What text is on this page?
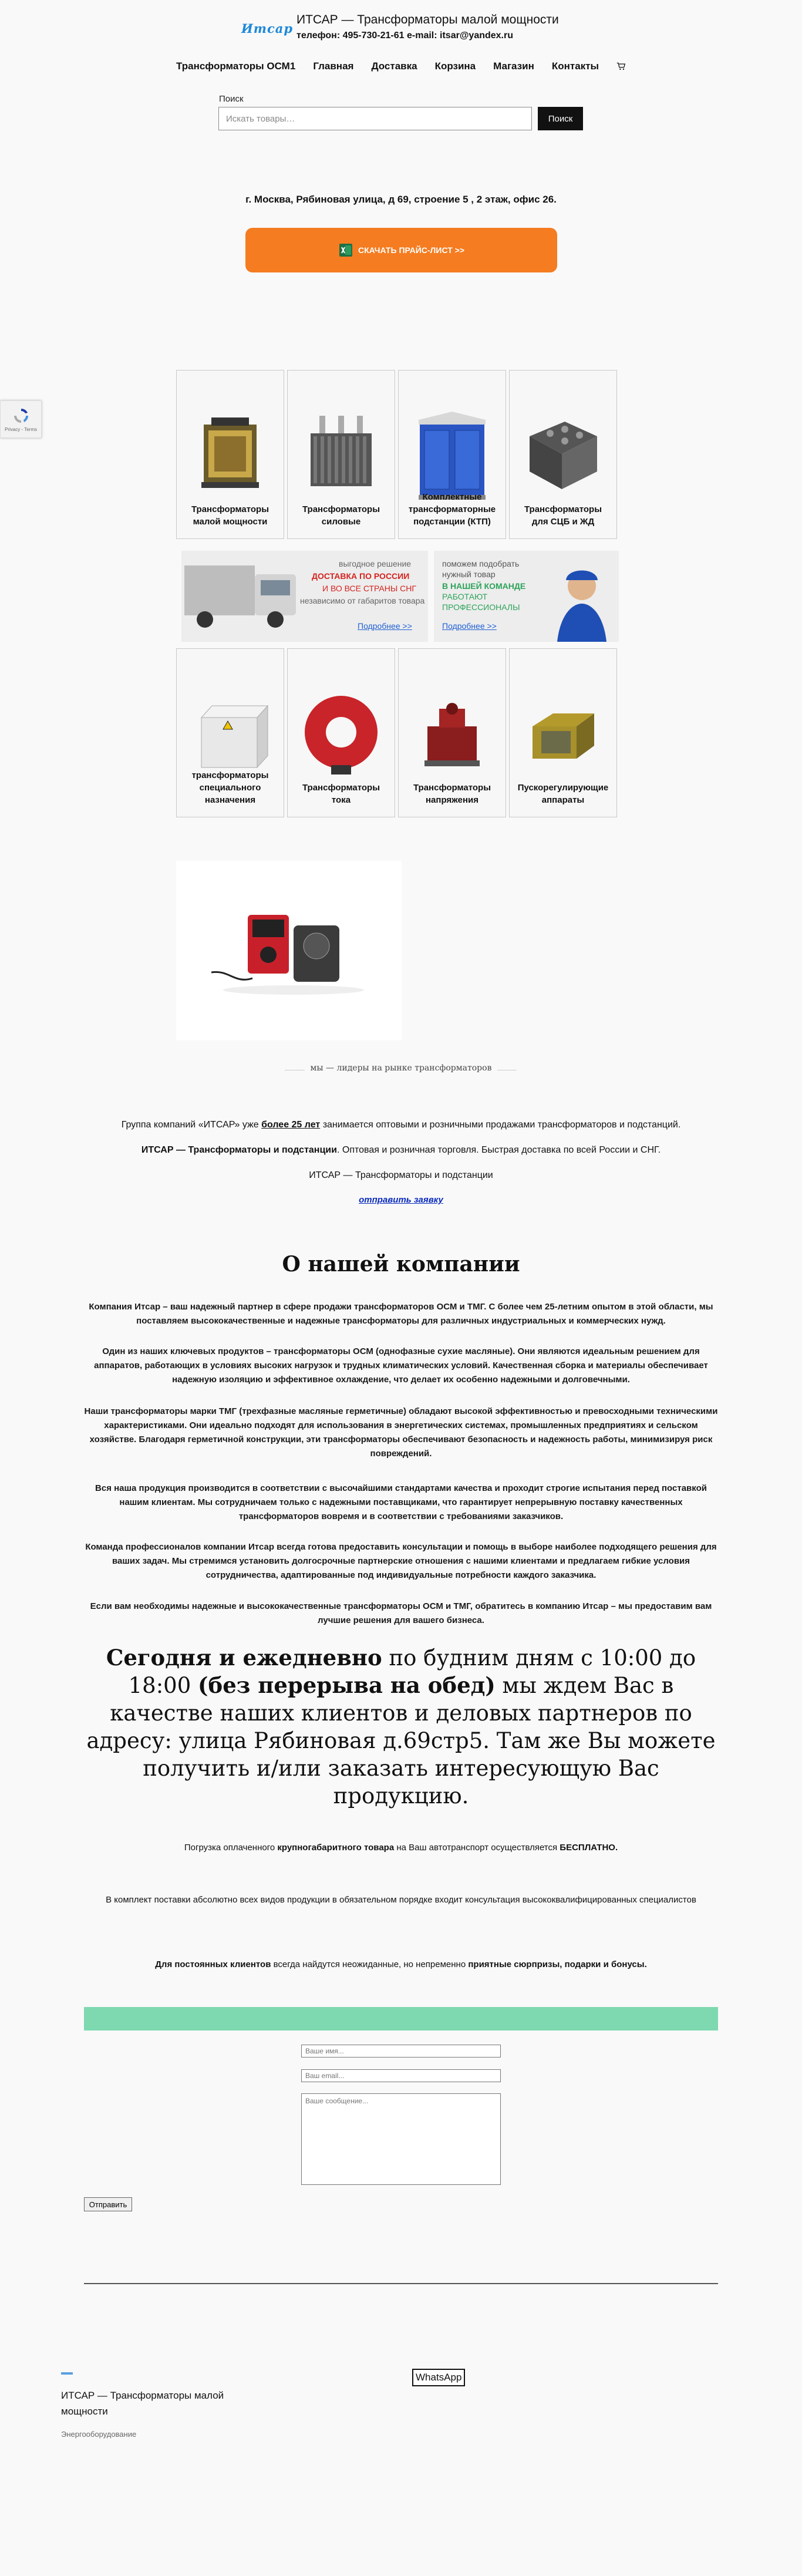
Итсар
ИТСАР — Трансформаторы малой мощности
телефон: 495-730-21-61 e-mail: itsar@yandex.ru
Трансформаторы ОСМ1 Главная Доставка Корзина Магазин Контакты
Поиск
Искать товары…
Поиск
Privacy - Terms
г. Москва, Рябиновая улица, д 69, строение 5 , 2 этаж, офис 26.
СКАЧАТЬ ПРАЙС-ЛИСТ >>
Трансформаторы малой мощности
Трансформаторы силовые
Комплектные трансформаторные подстанции (КТП)
Трансформаторы для СЦБ и ЖД
выгодное решение
ДОСТАВКА ПО РОССИИ
И ВО ВСЕ СТРАНЫ СНГ
независимо от габаритов товара
Подробнее >>
поможем подобрать
нужный товар
В НАШЕЙ КОМАНДЕ
РАБОТАЮТ
ПРОФЕССИОНАЛЫ
Подробнее >>
трансформаторы специального назначения
Трансформаторы тока
Трансформаторы напряжения
Пускорегулирующие аппараты
мы — лидеры на рынке трансформаторов

Группа компаний «ИТСАР» уже более 25 лет занимается оптовыми и розничными продажами трансформаторов и подстанций.

ИТСАР — Трансформаторы и подстанции. Оптовая и розничная торговля. Быстрая доставка по всей России и СНГ.

ИТСАР — Трансформаторы и подстанции

отправить заявку
О нашей компании

Компания Итсар – ваш надежный партнер в сфере продажи трансформаторов ОСМ и ТМГ. С более чем 25-летним опытом в этой области, мы поставляем высококачественные и надежные трансформаторы для различных индустриальных и коммерческих нужд.

Один из наших ключевых продуктов – трансформаторы ОСМ (однофазные сухие масляные). Они являются идеальным решением для аппаратов, работающих в условиях высоких нагрузок и трудных климатических условий. Качественная сборка и материалы обеспечивает надежную изоляцию и эффективное охлаждение, что делает их особенно надежными и долговечными.

Наши трансформаторы марки ТМГ (трехфазные масляные герметичные) обладают высокой эффективностью и превосходными техническими характеристиками. Они идеально подходят для использования в энергетических системах, промышленных предприятиях и сельском хозяйстве. Благодаря герметичной конструкции, эти трансформаторы обеспечивают безопасность и надежность работы, минимизируя риск повреждений.

Вся наша продукция производится в соответствии с высочайшими стандартами качества и проходит строгие испытания перед поставкой нашим клиентам. Мы сотрудничаем только с надежными поставщиками, что гарантирует непрерывную поставку качественных трансформаторов вовремя и в соответствии с требованиями заказчиков.

Команда профессионалов компании Итсар всегда готова предоставить консультации и помощь в выборе наиболее подходящего решения для ваших задач. Мы стремимся установить долгосрочные партнерские отношения с нашими клиентами и предлагаем гибкие условия сотрудничества, адаптированные под индивидуальные потребности каждого заказчика.

Если вам необходимы надежные и высококачественные трансформаторы ОСМ и ТМГ, обратитесь в компанию Итсар – мы предоставим вам лучшие решения для вашего бизнеса.

Сегодня и ежедневно по будним дням с 10:00 до 18:00 (без перерыва на обед) мы ждем Вас в качестве наших клиентов и деловых партнеров по адресу: улица Рябиновая д.69стр5. Там же Вы можете получить и/или заказать интересующую Вас продукцию.

Погрузка оплаченного крупногабаритного товара на Ваш автотранспорт осуществляется БЕСПЛАТНО.

В комплект поставки абсолютно всех видов продукции в обязательном порядке входит консультация высококвалифицированных специалистов

Для постоянных клиентов всегда найдутся неожиданные, но непременно приятные сюрпризы, подарки и бонусы.

Ваше имя...
Ваш email...
Ваше сообщение...
Отправить
ИТСАР — Трансформаторы малой мощности
Энергооборудование
WhatsApp
